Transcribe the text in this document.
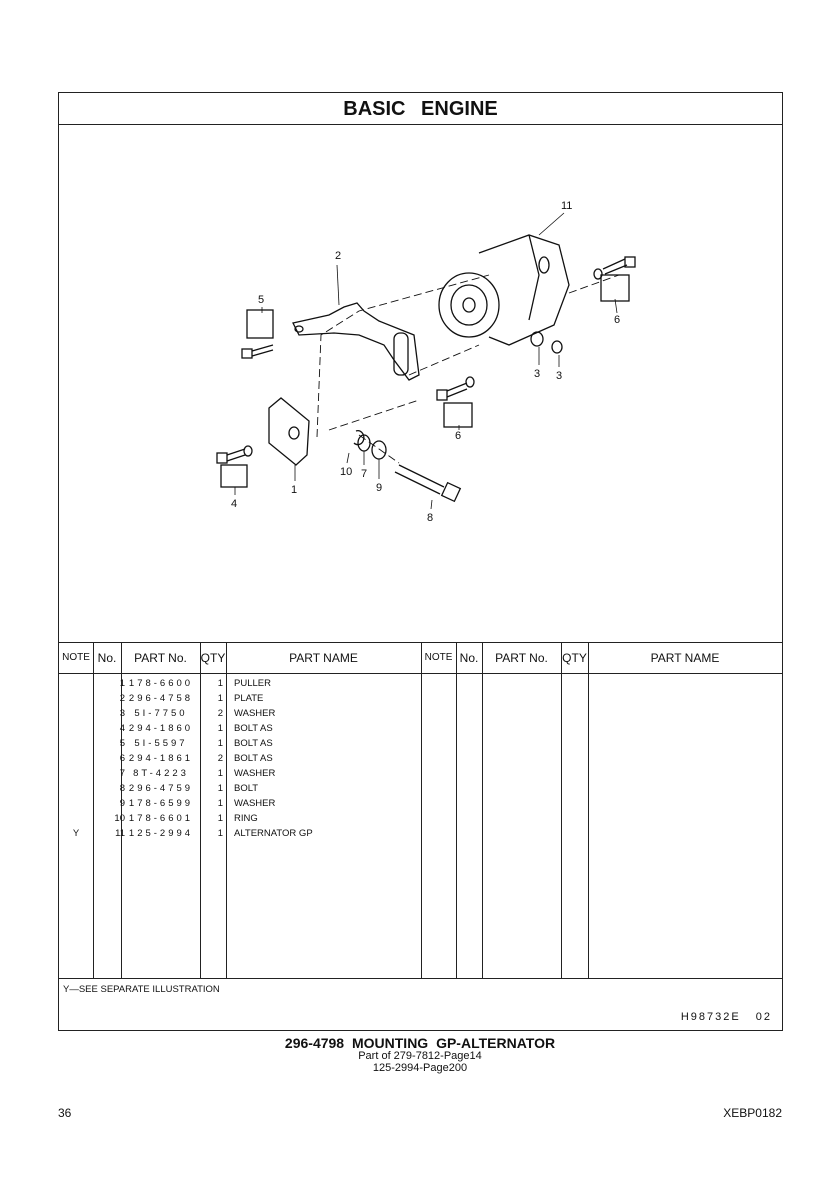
BASIC ENGINE
2
5
11
6
3 3
6
4
1
10 7
9
8
NOTE No.	PART No.	QTY	PART NAME	NOTE No.	PART No.	QTY	PART NAME
1 178-6600	1 PULLER
2 296-4758	1 PLATE
3 5I-7750	2 WASHER
4 294-1860	1 BOLT AS
5 5I-5597	1 BOLT AS
6 294-1861	2 BOLT AS
7 8T-4223	1 WASHER
8 296-4759	1 BOLT
9 178-6599	1 WASHER
10 178-6601	1 RING
Y	11 125-2994	1 ALTERNATOR GP
Y—SEE SEPARATE ILLUSTRATION
H98732E 02
296-4798 MOUNTING GP-ALTERNATOR
Part of 279-7812-Page14
125-2994-Page200
36	XEBP0182
